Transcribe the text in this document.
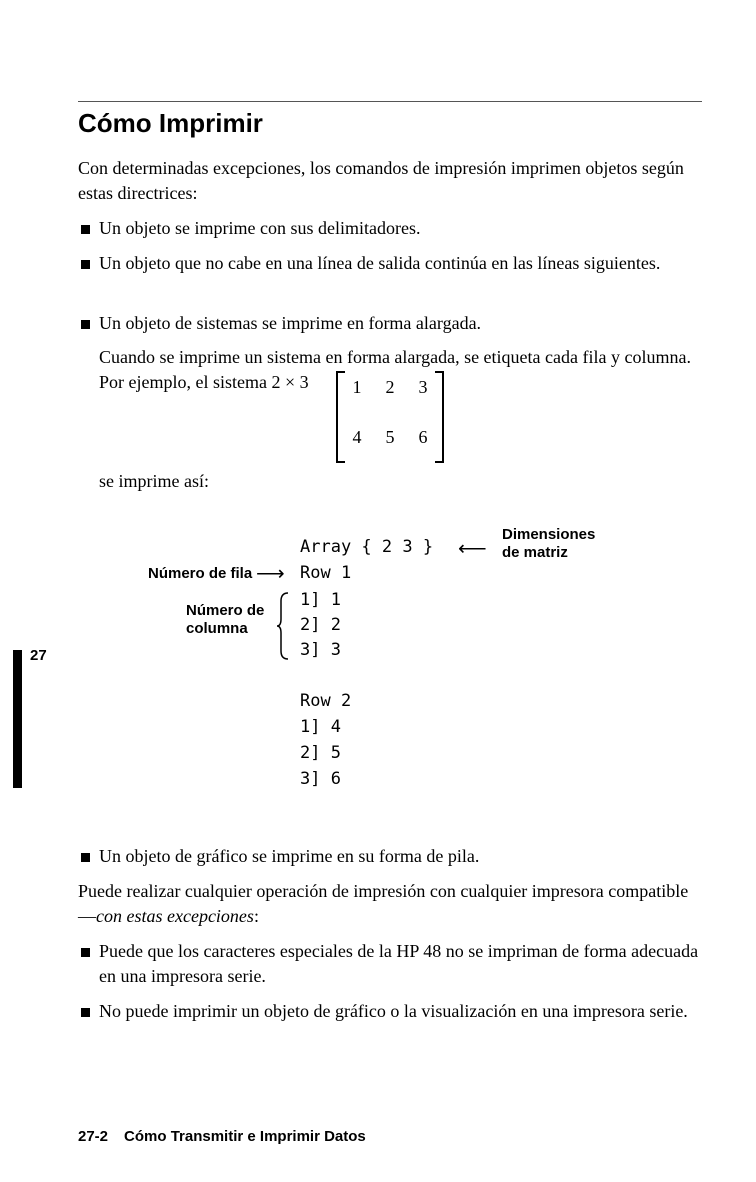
Cómo Imprimir
Con determinadas excepciones, los comandos de impresión imprimen objetos según estas directrices:
Un objeto se imprime con sus delimitadores.
Un objeto que no cabe en una línea de salida continúa en las líneas siguientes.
Un objeto de sistemas se imprime en forma alargada.
Cuando se imprime un sistema en forma alargada, se etiqueta cada fila y columna. Por ejemplo, el sistema 2 × 3	1	2	3
4	5	6
se imprime así:
Array { 2 3 } ⟵
Dimensiones de matriz
Número de fila ⟶ Row 1
Número de columna
1] 1
2] 2
3] 3
Row 2
1] 4
2] 5
3] 6
27
Un objeto de gráfico se imprime en su forma de pila.
Puede realizar cualquier operación de impresión con cualquier impresora compatible—con estas excepciones:
Puede que los caracteres especiales de la HP 48 no se impriman de forma adecuada en una impresora serie.
No puede imprimir un objeto de gráfico o la visualización en una impresora serie.
27-2 Cómo Transmitir e Imprimir Datos
